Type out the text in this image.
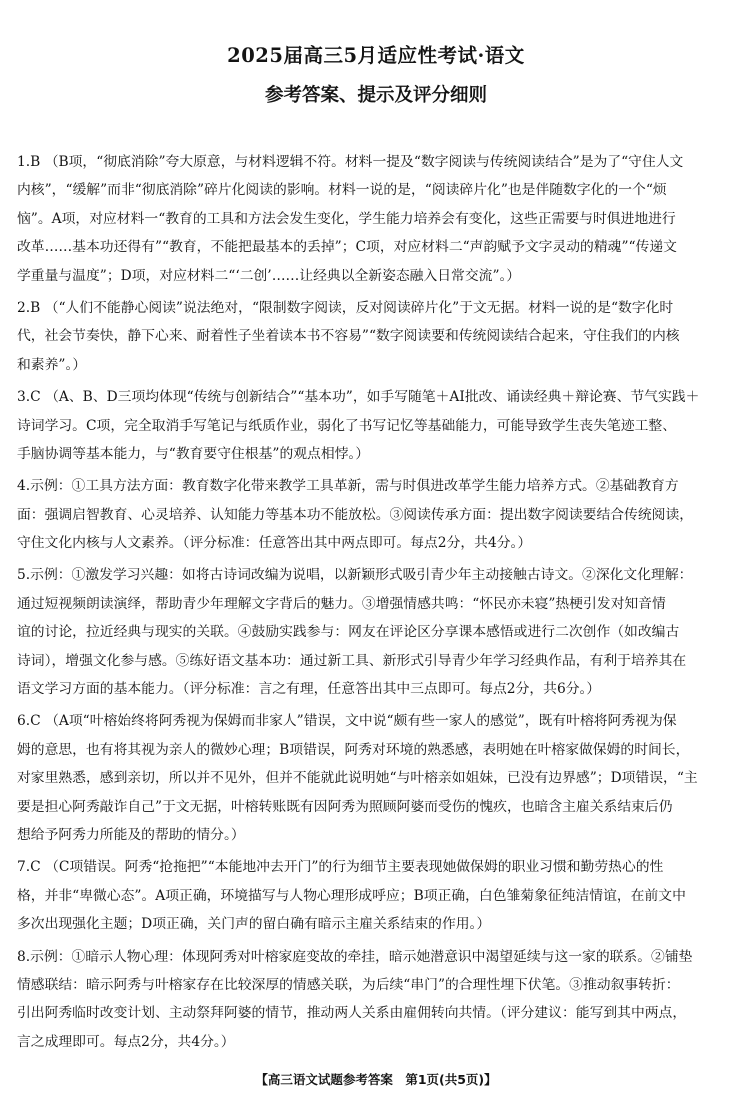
2025届高三5月适应性考试·语文
参考答案、提示及评分细则
1.B （B项，“彻底消除”夸大原意，与材料逻辑不符。材料一提及“数字阅读与传统阅读结合”是为了“守住人文
内核”，“缓解”而非“彻底消除”碎片化阅读的影响。材料一说的是，“阅读碎片化”也是伴随数字化的一个“烦
恼”。A项，对应材料一“教育的工具和方法会发生变化，学生能力培养会有变化，这些正需要与时俱进地进行
改革……基本功还得有”“教育，不能把最基本的丢掉”；C项，对应材料二“声韵赋予文字灵动的精魂”“传递文
学重量与温度”；D项，对应材料二“‘二创’……让经典以全新姿态融入日常交流”。）
2.B （“人们不能静心阅读”说法绝对，“限制数字阅读，反对阅读碎片化”于文无据。材料一说的是“数字化时
代，社会节奏快，静下心来、耐着性子坐着读本书不容易”“数字阅读要和传统阅读结合起来，守住我们的内核
和素养”。）
3.C （A、B、D三项均体现“传统与创新结合”“基本功”，如手写随笔＋AI批改、诵读经典＋辩论赛、节气实践＋
诗词学习。C项，完全取消手写笔记与纸质作业，弱化了书写记忆等基础能力，可能导致学生丧失笔迹工整、
手脑协调等基本能力，与“教育要守住根基”的观点相悖。）
4.示例：①工具方法方面：教育数字化带来教学工具革新，需与时俱进改革学生能力培养方式。②基础教育方
面：强调启智教育、心灵培养、认知能力等基本功不能放松。③阅读传承方面：提出数字阅读要结合传统阅读，
守住文化内核与人文素养。（评分标准：任意答出其中两点即可。每点2分，共4分。）
5.示例：①激发学习兴趣：如将古诗词改编为说唱，以新颖形式吸引青少年主动接触古诗文。②深化文化理解：
通过短视频朗读演绎，帮助青少年理解文字背后的魅力。③增强情感共鸣：“怀民亦未寝”热梗引发对知音情
谊的讨论，拉近经典与现实的关联。④鼓励实践参与：网友在评论区分享课本感悟或进行二次创作（如改编古
诗词），增强文化参与感。⑤练好语文基本功：通过新工具、新形式引导青少年学习经典作品，有利于培养其在
语文学习方面的基本能力。（评分标准：言之有理，任意答出其中三点即可。每点2分，共6分。）
6.C （A项“叶榕始终将阿秀视为保姆而非家人”错误，文中说“颇有些一家人的感觉”，既有叶榕将阿秀视为保
姆的意思，也有将其视为亲人的微妙心理；B项错误，阿秀对环境的熟悉感，表明她在叶榕家做保姆的时间长，
对家里熟悉，感到亲切，所以并不见外，但并不能就此说明她“与叶榕亲如姐妹，已没有边界感”；D项错误，“主
要是担心阿秀敲诈自己”于文无据，叶榕转账既有因阿秀为照顾阿婆而受伤的愧疚，也暗含主雇关系结束后仍
想给予阿秀力所能及的帮助的情分。）
7.C （C项错误。阿秀“抢拖把”“本能地冲去开门”的行为细节主要表现她做保姆的职业习惯和勤劳热心的性
格，并非“卑微心态”。A项正确，环境描写与人物心理形成呼应；B项正确，白色雏菊象征纯洁情谊，在前文中
多次出现强化主题；D项正确，关门声的留白确有暗示主雇关系结束的作用。）
8.示例：①暗示人物心理：体现阿秀对叶榕家庭变故的牵挂，暗示她潜意识中渴望延续与这一家的联系。②铺垫
情感联结：暗示阿秀与叶榕家存在比较深厚的情感关联，为后续“串门”的合理性埋下伏笔。③推动叙事转折：
引出阿秀临时改变计划、主动祭拜阿婆的情节，推动两人关系由雇佣转向共情。（评分建议：能写到其中两点，
言之成理即可。每点2分，共4分。）
【高三语文试题参考答案　第1页(共5页)】
